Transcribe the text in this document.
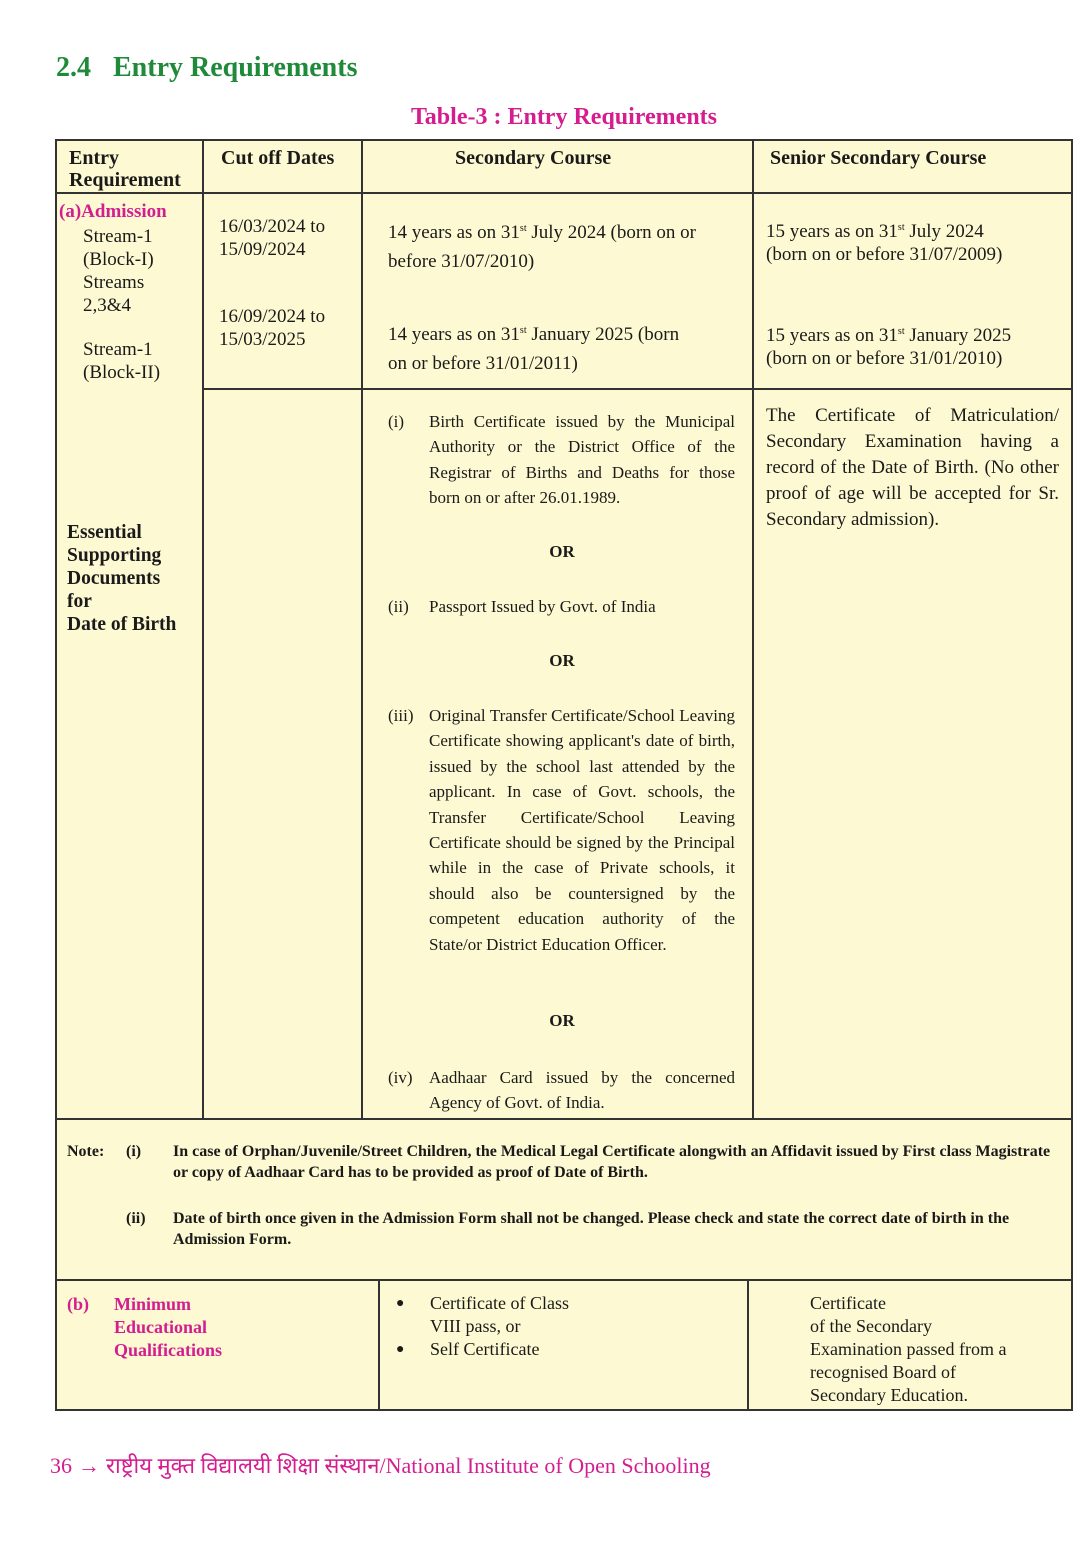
2.4 Entry Requirements
Table-3 : Entry Requirements
Entry
Requirement
Cut off Dates	Secondary Course	Senior Secondary Course
(a)Admission
Stream-1
(Block-I)
Streams
2,3&4
Stream-1
(Block-II)
16/03/2024 to
15/09/2024
16/09/2024 to
15/03/2025
14 years as on 31st July 2024 (born on or
before 31/07/2010)
14 years as on 31st January 2025 (born
on or before 31/01/2011)
15 years as on 31st July 2024
(born on or before 31/07/2009)
15 years as on 31st January 2025
(born on or before 31/01/2010)
Essential
Supporting
Documents
for
Date of Birth
(i) Birth Certificate issued by the Municipal Authority or the District Office of the Registrar of Births and Deaths for those born on or after 26.01.1989.
OR
(ii) Passport Issued by Govt. of India
OR
(iii) Original Transfer Certificate/School Leaving Certificate showing applicant's date of birth, issued by the school last attended by the applicant. In case of Govt. schools, the Transfer Certificate/School Leaving Certificate should be signed by the Principal while in the case of Private schools, it should also be countersigned by the competent education authority of the State/or District Education Officer.
OR
(iv) Aadhaar Card issued by the concerned Agency of Govt. of India.
The Certificate of Matriculation/ Secondary Examination having a record of the Date of Birth. (No other proof of age will be accepted for Sr. Secondary admission).
Note: (i) In case of Orphan/Juvenile/Street Children, the Medical Legal Certificate alongwith an Affidavit issued by First class Magistrate or copy of Aadhaar Card has to be provided as proof of Date of Birth.
(ii) Date of birth once given in the Admission Form shall not be changed. Please check and state the correct date of birth in the Admission Form.
(b) Minimum
Educational
Qualifications
● Certificate of Class
VIII pass, or
● Self Certificate
Certificate
of the Secondary
Examination passed from a
recognised Board of
Secondary Education.
36 → राष्ट्रीय मुक्त विद्यालयी शिक्षा संस्थान/National Institute of Open Schooling
